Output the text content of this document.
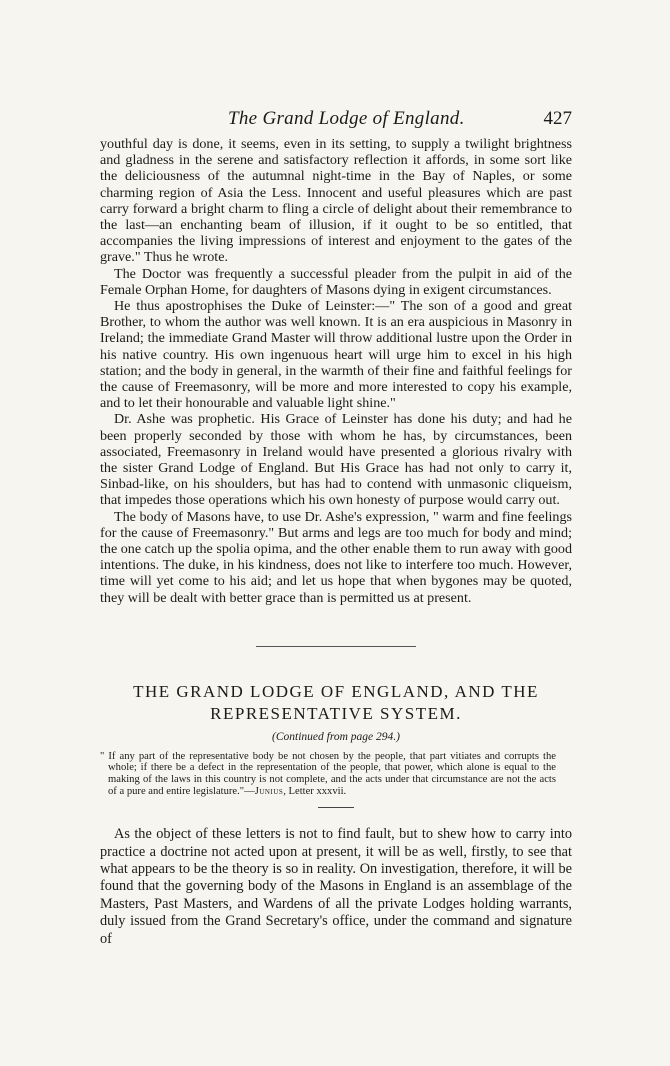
The Grand Lodge of England.	427

youthful day is done, it seems, even in its setting, to supply a twilight brightness and gladness in the serene and satisfactory reflection it affords, in some sort like the deliciousness of the autumnal night-time in the Bay of Naples, or some charming region of Asia the Less. Innocent and useful pleasures which are past carry forward a bright charm to fling a circle of delight about their remembrance to the last—an enchanting beam of illusion, if it ought to be so entitled, that accompanies the living impressions of interest and enjoyment to the gates of the grave." Thus he wrote.

The Doctor was frequently a successful pleader from the pulpit in aid of the Female Orphan Home, for daughters of Masons dying in exigent circumstances.

He thus apostrophises the Duke of Leinster:—" The son of a good and great Brother, to whom the author was well known. It is an era auspicious in Masonry in Ireland; the immediate Grand Master will throw additional lustre upon the Order in his native country. His own ingenuous heart will urge him to excel in his high station; and the body in general, in the warmth of their fine and faithful feelings for the cause of Freemasonry, will be more and more interested to copy his example, and to let their honourable and valuable light shine."

Dr. Ashe was prophetic. His Grace of Leinster has done his duty; and had he been properly seconded by those with whom he has, by circumstances, been associated, Freemasonry in Ireland would have presented a glorious rivalry with the sister Grand Lodge of England. But His Grace has had not only to carry it, Sinbad-like, on his shoulders, but has had to contend with unmasonic cliqueism, that impedes those operations which his own honesty of purpose would carry out.

The body of Masons have, to use Dr. Ashe's expression, " warm and fine feelings for the cause of Freemasonry." But arms and legs are too much for body and mind; the one catch up the spolia opima, and the other enable them to run away with good intentions. The duke, in his kindness, does not like to interfere too much. However, time will yet come to his aid; and let us hope that when bygones may be quoted, they will be dealt with better grace than is permitted us at present.

THE GRAND LODGE OF ENGLAND, AND THE

REPRESENTATIVE SYSTEM.

(Continued from page 294.)

" If any part of the representative body be not chosen by the people, that part vitiates and corrupts the whole; if there be a defect in the representation of the people, that power, which alone is equal to the making of the laws in this country is not complete, and the acts under that circumstance are not the acts of a pure and entire legislature."—Junius, Letter xxxvii.

As the object of these letters is not to find fault, but to shew how to carry into practice a doctrine not acted upon at present, it will be as well, firstly, to see that what appears to be the theory is so in reality. On investigation, therefore, it will be found that the governing body of the Masons in England is an assemblage of the Masters, Past Masters, and Wardens of all the private Lodges holding warrants, duly issued from the Grand Secretary's office, under the command and signature of
